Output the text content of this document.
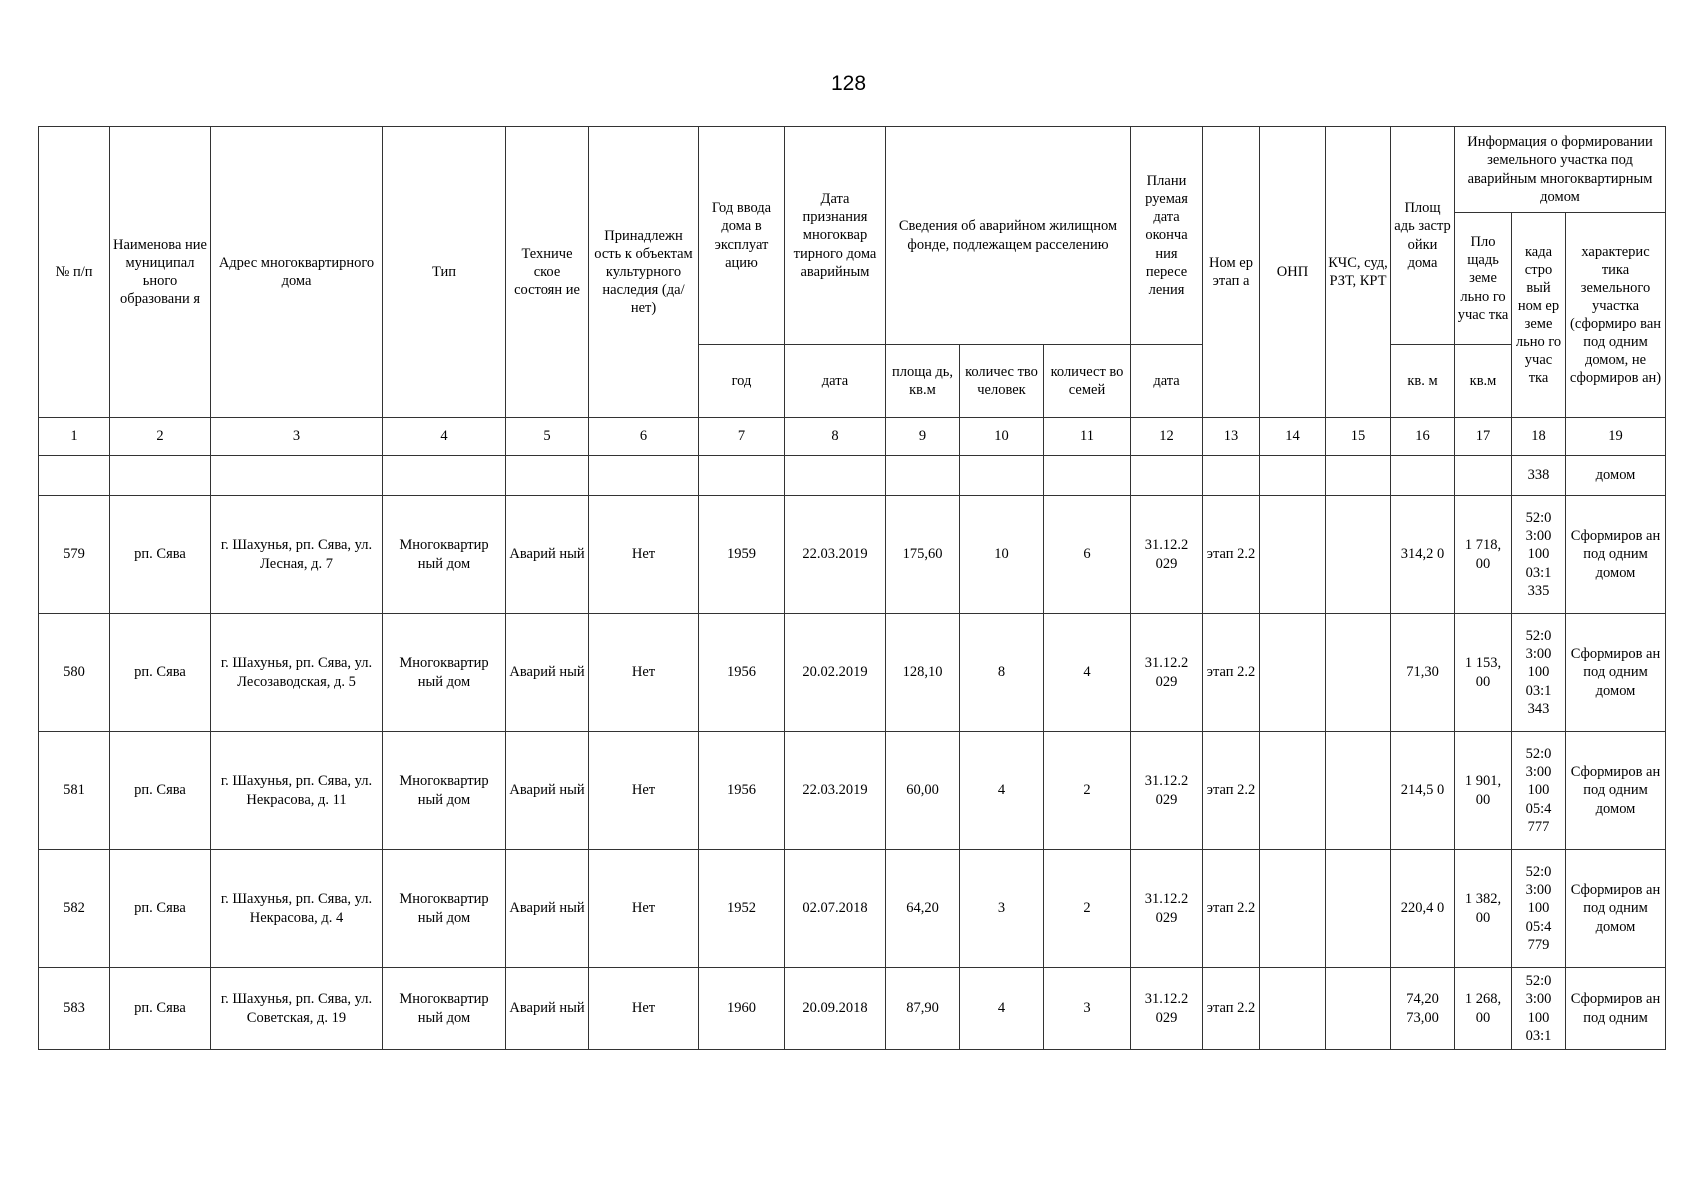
128
№ п/п	Наименова ние муниципал ьного образовани я	Адрес многоквартирного дома	Тип	Техниче ское состоян ие	Принадлежн ость к объектам культурного наследия (да/нет)	Год ввода дома в эксплуат ацию	Дата признания многоквар тирного дома аварийным	Сведения об аварийном жилищном фонде, подлежащем расселению			Плани руемая дата оконча ния пересе ления	Ном ер этап а	ОНП	КЧС, суд, РЗТ, КРТ	Площ адь застр ойки дома	Информация о формировании земельного участка под аварийным многоквартирным домом		
																Пло щадь земе льно го учас тка	када стро вый ном ер земе льно го учас тка	характерис тика земельного участка (сформиро ван под одним домом, не сформиров ан)
						год	дата	площа дь, кв.м	количес тво человек	количест во семей	дата				кв. м	кв.м		
1	2	3	4	5	6	7	8	9	10	11	12	13	14	15	16	17	18	19
																	338	домом
579	рп. Сява	г. Шахунья, рп. Сява, ул. Лесная, д. 7	Многоквартир ный дом	Аварий ный	Нет	1959	22.03.2019	175,60	10	6	31.12.2 029	этап 2.2			314,2 0	1 718, 00	52:0 3:00 100 03:1 335	Сформиров ан под одним домом
580	рп. Сява	г. Шахунья, рп. Сява, ул. Лесозаводская, д. 5	Многоквартир ный дом	Аварий ный	Нет	1956	20.02.2019	128,10	8	4	31.12.2 029	этап 2.2			71,30	1 153, 00	52:0 3:00 100 03:1 343	Сформиров ан под одним домом
581	рп. Сява	г. Шахунья, рп. Сява, ул. Некрасова, д. 11	Многоквартир ный дом	Аварий ный	Нет	1956	22.03.2019	60,00	4	2	31.12.2 029	этап 2.2			214,5 0	1 901, 00	52:0 3:00 100 05:4 777	Сформиров ан под одним домом
582	рп. Сява	г. Шахунья, рп. Сява, ул. Некрасова, д. 4	Многоквартир ный дом	Аварий ный	Нет	1952	02.07.2018	64,20	3	2	31.12.2 029	этап 2.2			220,4 0	1 382, 00	52:0 3:00 100 05:4 779	Сформиров ан под одним домом
583	рп. Сява	г. Шахунья, рп. Сява, ул. Советская, д. 19	Многоквартир ный дом	Аварий ный	Нет	1960	20.09.2018	87,90	4	3	31.12.2 029	этап 2.2			74,20 73,00	1 268, 00	52:0 3:00 100 03:1	Сформиров ан под одним
